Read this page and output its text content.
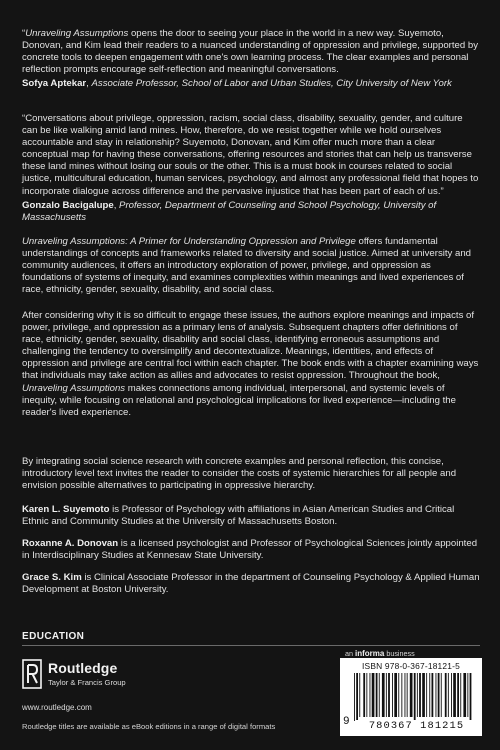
“Unraveling Assumptions opens the door to seeing your place in the world in a new way. Suyemoto, Donovan, and Kim lead their readers to a nuanced understanding of oppression and privilege, supported by concrete tools to deepen engagement with one's own learning process. The clear examples and personal reflection prompts encourage self-reflection and meaningful conversations.

Sofya Aptekar, Associate Professor, School of Labor and Urban Studies, City University of New York

“Conversations about privilege, oppression, racism, social class, disability, sexuality, gender, and culture can be like walking amid land mines. How, therefore, do we resist together while we hold ourselves accountable and stay in relationship? Suyemoto, Donovan, and Kim offer much more than a clear conceptual map for having these conversations, offering resources and stories that can help us transverse these land mines without losing our souls or the other. This is a must book in courses related to social justice, multicultural education, human services, psychology, and almost any professional field that hopes to incorporate dialogue across difference and the pervasive injustice that has been part of each of us.”

Gonzalo Bacigalupe, Professor, Department of Counseling and School Psychology, University of Massachusetts

Unraveling Assumptions: A Primer for Understanding Oppression and Privilege offers fundamental understandings of concepts and frameworks related to diversity and social justice. Aimed at university and community audiences, it offers an introductory exploration of power, privilege, and oppression as foundations of systems of inequity, and examines complexities within meanings and lived experiences of race, ethnicity, gender, sexuality, disability, and social class.

After considering why it is so difficult to engage these issues, the authors explore meanings and impacts of power, privilege, and oppression as a primary lens of analysis. Subsequent chapters offer definitions of race, ethnicity, gender, sexuality, disability and social class, identifying erroneous assumptions and challenging the tendency to oversimplify and decontextualize. Meanings, identities, and effects of oppression and privilege are central foci within each chapter. The book ends with a chapter examining ways that individuals may take action as allies and advocates to resist oppression. Throughout the book, Unraveling Assumptions makes connections among individual, interpersonal, and systemic levels of inequity, while focusing on relational and psychological implications for lived experience—including the reader's lived experience.

By integrating social science research with concrete examples and personal reflection, this concise, introductory level text invites the reader to consider the costs of systemic hierarchies for all people and envision possible alternatives to participating in oppressive hierarchy.

Karen L. Suyemoto is Professor of Psychology with affiliations in Asian American Studies and Critical Ethnic and Community Studies at the University of Massachusetts Boston.

Roxanne A. Donovan is a licensed psychologist and Professor of Psychological Sciences jointly appointed in Interdisciplinary Studies at Kennesaw State University.

Grace S. Kim is Clinical Associate Professor in the department of Counseling Psychology & Applied Human Development at Boston University.

EDUCATION
an informa business
Routledge
Taylor & Francis Group
www.routledge.com
Routledge titles are available as eBook editions in a range of digital formats
ISBN 978-0-367-18121-5
9	780367 181215
